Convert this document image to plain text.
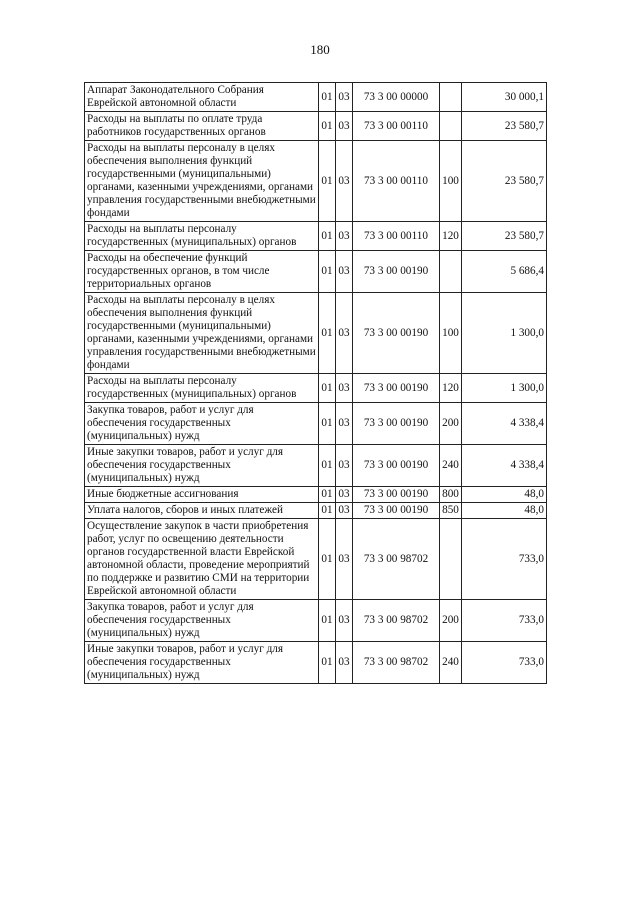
180
Аппарат Законодательного Собрания Еврейской автономной области	01	03	73 3 00 00000		30 000,1
Расходы на выплаты по оплате труда работников государственных органов	01	03	73 3 00 00110		23 580,7
Расходы на выплаты персоналу в целях обеспечения выполнения функций государственными (муниципальными) органами, казенными учреждениями, органами управления государственными внебюджетными фондами	01	03	73 3 00 00110	100	23 580,7
Расходы на выплаты персоналу государственных (муниципальных) органов	01	03	73 3 00 00110	120	23 580,7
Расходы на обеспечение функций государственных органов, в том числе территориальных органов	01	03	73 3 00 00190		5 686,4
Расходы на выплаты персоналу в целях обеспечения выполнения функций государственными (муниципальными) органами, казенными учреждениями, органами управления государственными внебюджетными фондами	01	03	73 3 00 00190	100	1 300,0
Расходы на выплаты персоналу государственных (муниципальных) органов	01	03	73 3 00 00190	120	1 300,0
Закупка товаров, работ и услуг для обеспечения государственных (муниципальных) нужд	01	03	73 3 00 00190	200	4 338,4
Иные закупки товаров, работ и услуг для обеспечения государственных (муниципальных) нужд	01	03	73 3 00 00190	240	4 338,4
Иные бюджетные ассигнования	01	03	73 3 00 00190	800	48,0
Уплата налогов, сборов и иных платежей	01	03	73 3 00 00190	850	48,0
Осуществление закупок в части приобретения работ, услуг по освещению деятельности органов государственной власти Еврейской автономной области, проведение мероприятий по поддержке и развитию СМИ на территории Еврейской автономной области	01	03	73 3 00 98702		733,0
Закупка товаров, работ и услуг для обеспечения государственных (муниципальных) нужд	01	03	73 3 00 98702	200	733,0
Иные закупки товаров, работ и услуг для обеспечения государственных (муниципальных) нужд	01	03	73 3 00 98702	240	733,0
